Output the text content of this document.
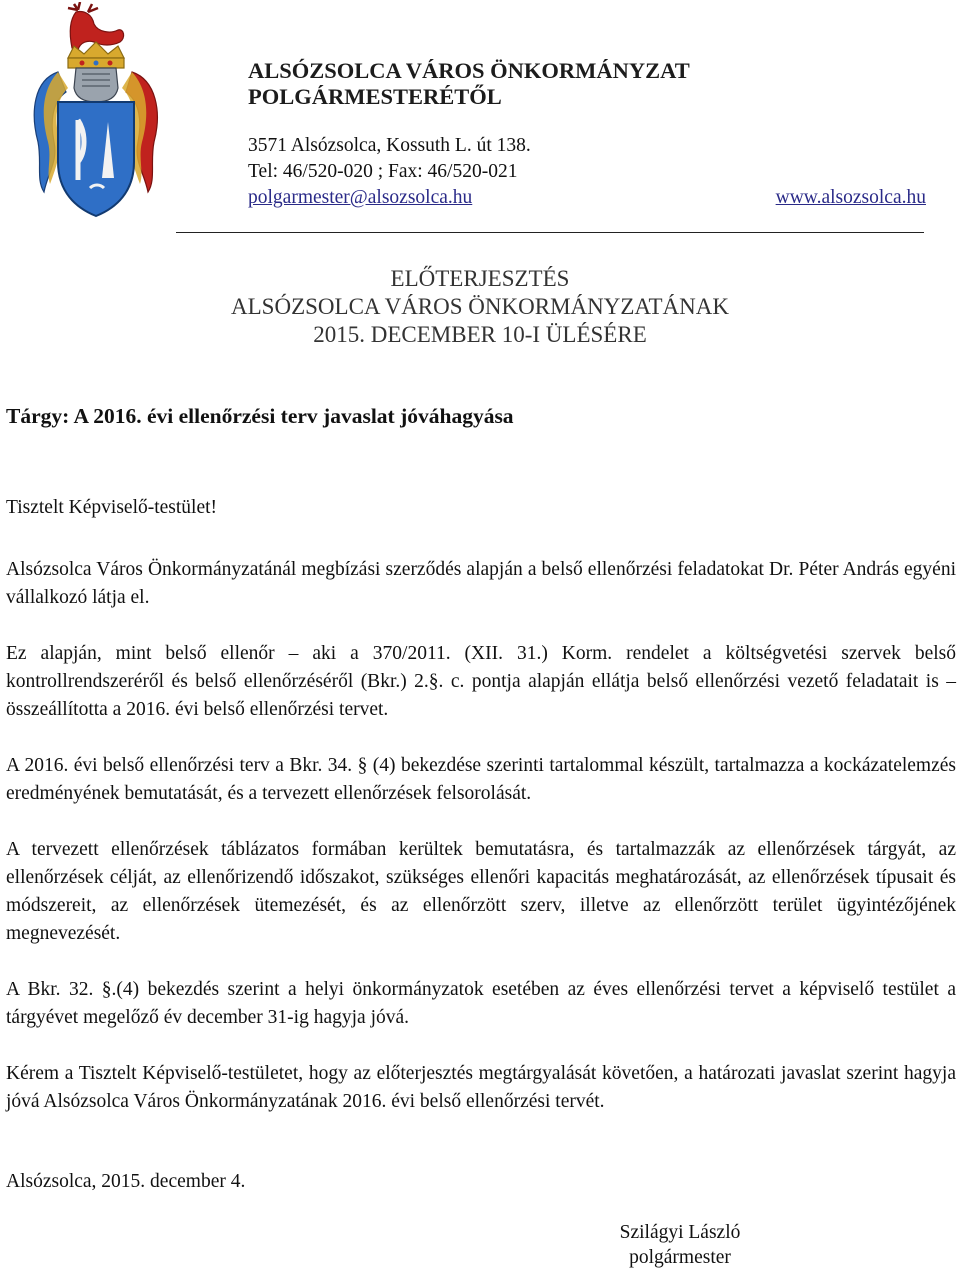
ALSÓZSOLCA VÁROS ÖNKORMÁNYZAT
POLGÁRMESTERÉTŐL
3571 Alsózsolca, Kossuth L. út 138.
Tel: 46/520-020 ; Fax: 46/520-021
polgarmester@alsozsolca.hu	www.alsozsolca.hu
ELŐTERJESZTÉS
ALSÓZSOLCA VÁROS ÖNKORMÁNYZATÁNAK
2015. DECEMBER 10-I ÜLÉSÉRE
Tárgy: A 2016. évi ellenőrzési terv javaslat jóváhagyása
Tisztelt Képviselő-testület!
Alsózsolca Város Önkormányzatánál megbízási szerződés alapján a belső ellenőrzési feladatokat Dr. Péter András egyéni vállalkozó látja el.
Ez alapján, mint belső ellenőr – aki a 370/2011. (XII. 31.) Korm. rendelet a költségvetési szervek belső kontrollrendszeréről és belső ellenőrzéséről (Bkr.) 2.§. c. pontja alapján ellátja belső ellenőrzési vezető feladatait is – összeállította a 2016. évi belső ellenőrzési tervet.
A 2016. évi belső ellenőrzési terv a Bkr. 34. § (4) bekezdése szerinti tartalommal készült, tartalmazza a kockázatelemzés eredményének bemutatását, és a tervezett ellenőrzések felsorolását.
A tervezett ellenőrzések táblázatos formában kerültek bemutatásra, és tartalmazzák az ellenőrzések tárgyát, az ellenőrzések célját, az ellenőrizendő időszakot, szükséges ellenőri kapacitás meghatározását, az ellenőrzések típusait és módszereit, az ellenőrzések ütemezését, és az ellenőrzött szerv, illetve az ellenőrzött terület ügyintézőjének megnevezését.
A Bkr. 32. §.(4) bekezdés szerint a helyi önkormányzatok esetében az éves ellenőrzési tervet a képviselő testület a tárgyévet megelőző év december 31-ig hagyja jóvá.
Kérem a Tisztelt Képviselő-testületet, hogy az előterjesztés megtárgyalását követően, a határozati javaslat szerint hagyja jóvá Alsózsolca Város Önkormányzatának 2016. évi belső ellenőrzési tervét.
Alsózsolca, 2015. december 4.
Szilágyi László
polgármester
